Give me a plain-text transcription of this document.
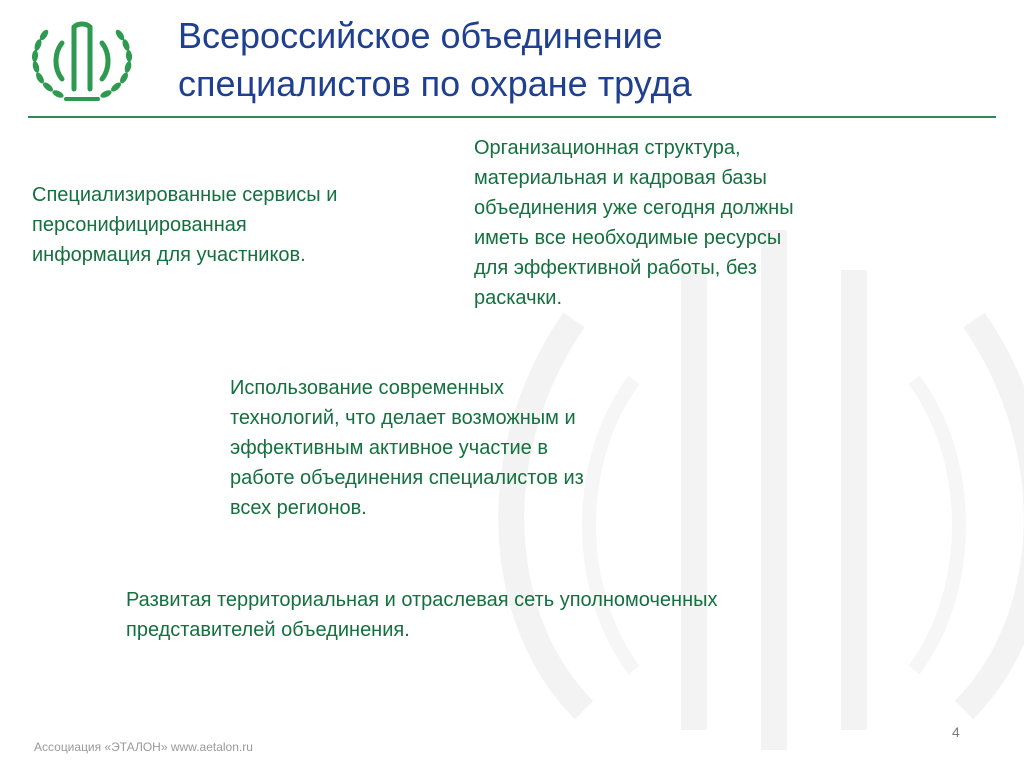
Всероссийское объединение
специалистов по охране труда

Специализированные сервисы и
персонифицированная
информация для участников.

Организационная структура,
материальная и кадровая базы
объединения уже сегодня должны
иметь все необходимые ресурсы
для эффективной работы, без
раскачки.

Использование современных
технологий, что делает возможным и
эффективным активное участие в
работе объединения специалистов из
всех регионов.

Развитая территориальная и отраслевая сеть уполномоченных
представителей объединения.

Ассоциация «ЭТАЛОН» www.aetalon.ru
4
